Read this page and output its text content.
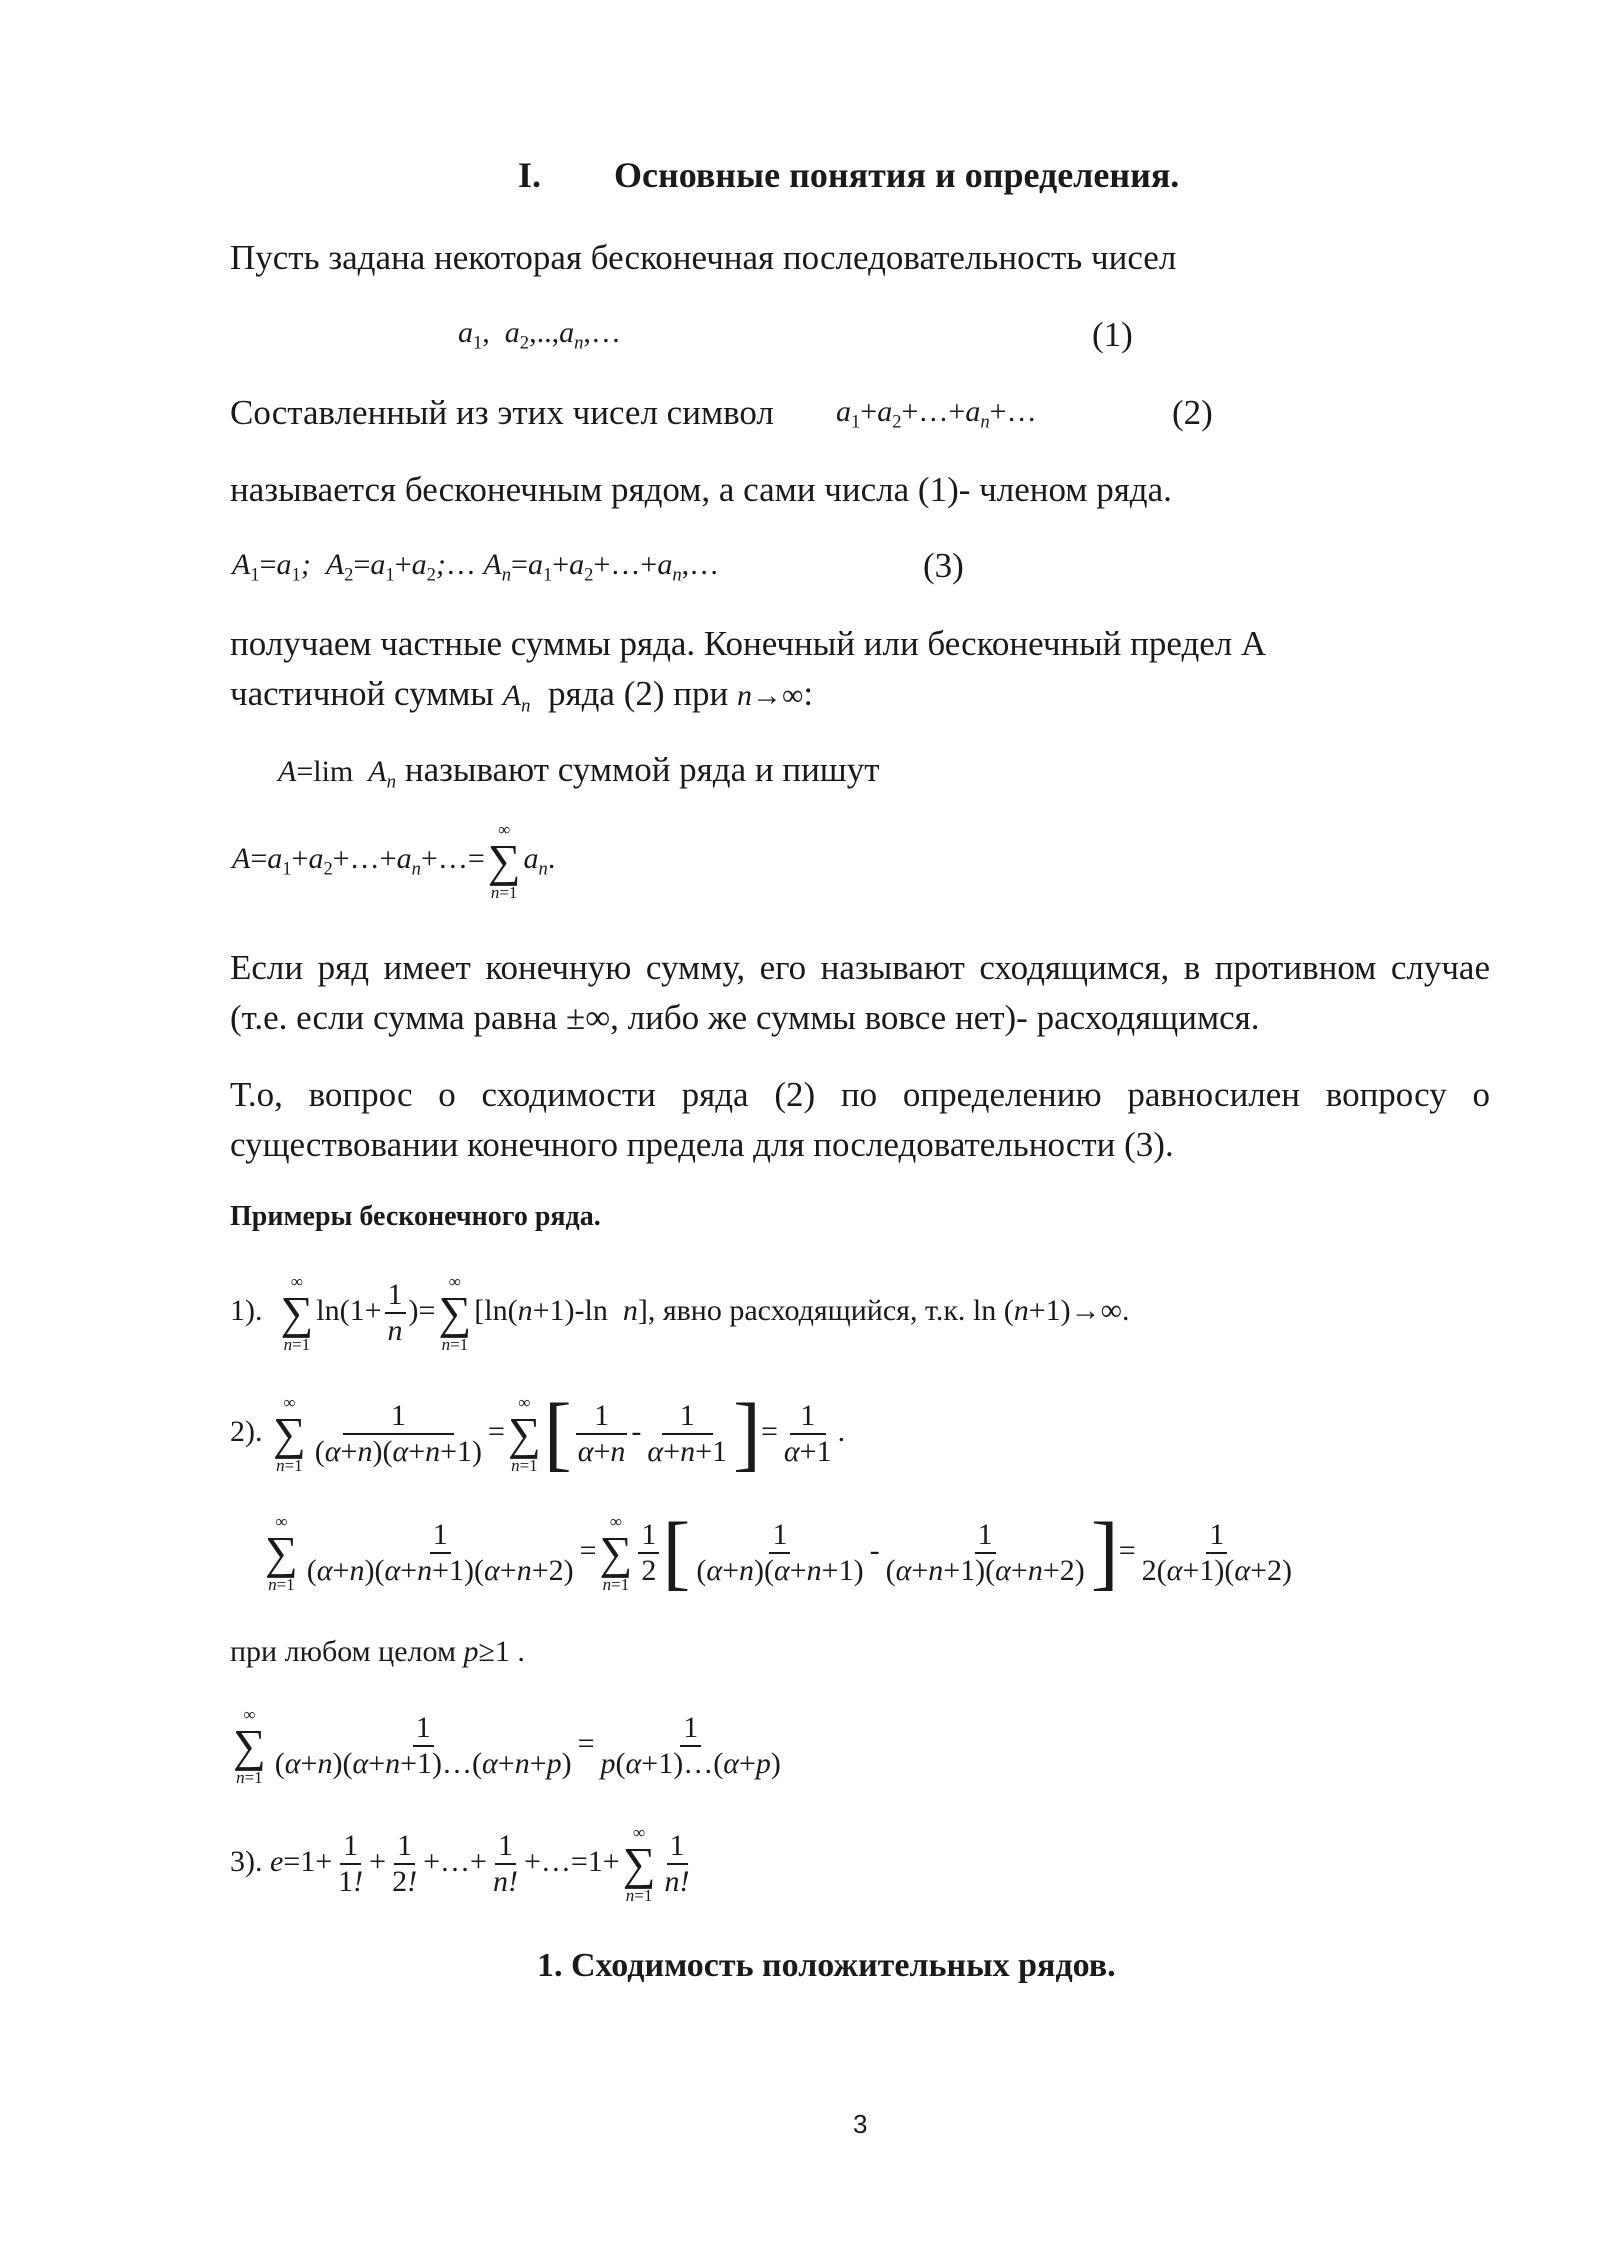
I. Основные понятия и определения.
Пусть задана некоторая бесконечная последовательность чисел
$a_1$,  $a_2,..,a_n,\dots$	(1)
Составленный из этих чисел символ $a_1+a_2+\dots+a_n+\dots$	(2)
называется бесконечным рядом, а сами числа (1)- членом ряда.
$A_1=a_1$; $A_2=a_1+a_2;\dots$ $A_n=a_1+a_2+\dots+a_n,\dots$	(3)
получаем частные суммы ряда. Конечный или бесконечный предел А
частичной суммы An ряда (2) при n→∞:
A=lim  $A_n$ называют суммой ряда и пишут
$A=a_1+a_2+\dots+a_n+\dots=$
∞
∑
n=1
$a_n$.
Если ряд имеет конечную сумму, его называют сходящимся, в противном случае (т.е. если сумма равна ±∞, либо же суммы вовсе нет)- расходящимся.
Т.о, вопрос о сходимости ряда (2) по определению равносилен вопросу о существовании конечного предела для последовательности (3).
Примеры бесконечного ряда.
1).
∞
∑
n=1
$\ln(1+ \frac{1}{n}$ )=
∞
∑
n=1
[ln(n+1)-ln  n], явно расходящийся, т.к. ln (n+1)→∞.
2).
∞
∑
$n=1 \frac{1}{(\alpha+n)(\alpha+n+1)}$ =
∞
∑
n=1 [ $\frac{1}{\alpha+n} - \frac{1}{\alpha+n+1}$ ]= $\frac{1}{\alpha+1}$ .
∞
∑
$n=1 \frac{1}{(\alpha+n)(\alpha+n+1)(\alpha+n+2)}$ =
∞
∑
$n=1 \frac{1}{2}$ [ $\frac{1}{(\alpha+n)(\alpha+n+1)} - \frac{1}{(\alpha+n+1)(\alpha+n+2)}$ ]= $\frac{1}{2(\alpha+1)(\alpha+2)}$
при любом целом p≥1 .
∞
∑
$n=1 \frac{1}{(\alpha+n)(\alpha+n+1)\dots(\alpha+n+p)} = \frac{1}{p(\alpha+1)\dots(\alpha+p)}$
3). $e=1+ \frac{1}{1!} + \frac{1}{2!}$ +…+ $\frac{1}{n!}$ +…=1+
∞
∑
$n=1 \frac{1}{n!}$
1. Сходимость положительных рядов.
3
